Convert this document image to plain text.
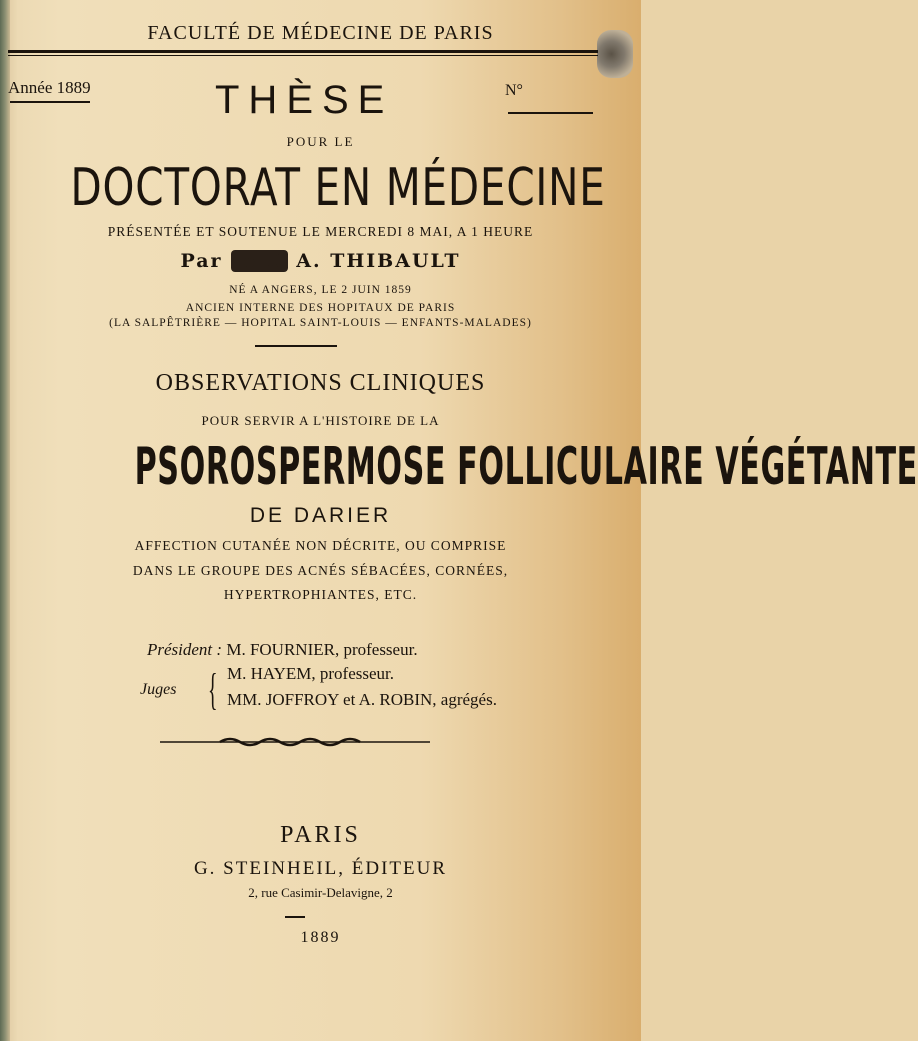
FACULTÉ DE MÉDECINE DE PARIS
Année 1889	THÈSE	N°
POUR LE
DOCTORAT EN MÉDECINE
PRÉSENTÉE ET SOUTENUE LE MERCREDI 8 MAI, A 1 HEURE
Par le D A. THIBAULT
NÉ A ANGERS, LE 2 JUIN 1859
ANCIEN INTERNE DES HOPITAUX DE PARIS
(LA SALPÊTRIÈRE — HOPITAL SAINT-LOUIS — ENFANTS-MALADES)
OBSERVATIONS CLINIQUES
POUR SERVIR A L'HISTOIRE DE LA
PSOROSPERMOSE FOLLICULAIRE VÉGÉTANTE
DE DARIER
AFFECTION CUTANÉE NON DÉCRITE, OU COMPRISE
DANS LE GROUPE DES ACNÉS SÉBACÉES, CORNÉES,
HYPERTROPHIANTES, ETC.
Président : M. FOURNIER, professeur.
Juges { M. HAYEM, professeur.
MM. JOFFROY et A. ROBIN, agrégés.
PARIS
G. STEINHEIL, ÉDITEUR
2, rue Casimir-Delavigne, 2
1889
